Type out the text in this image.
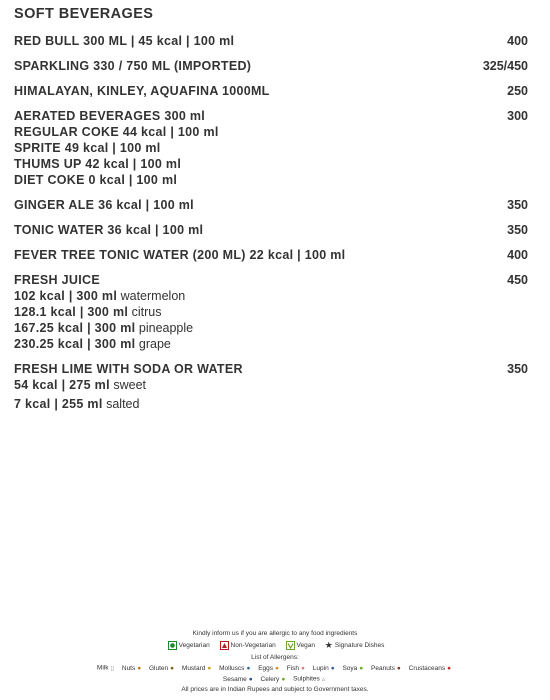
SOFT BEVERAGES
RED BULL 300 ML | 45 kcal | 100 ml	400
SPARKLING 330 / 750 ML (IMPORTED)	325/450
HIMALAYAN, KINLEY, AQUAFINA 1000ML	250
AERATED BEVERAGES 300 ml	300
REGULAR COKE 44 kcal | 100 ml
SPRITE 49 kcal | 100 ml
THUMS UP 42 kcal | 100 ml
DIET COKE 0 kcal | 100 ml
GINGER ALE 36 kcal | 100 ml	350
TONIC WATER 36 kcal | 100 ml	350
FEVER TREE TONIC WATER (200 ML) 22 kcal | 100 ml	400
FRESH JUICE	450
102 kcal | 300 ml watermelon
128.1 kcal | 300 ml citrus
167.25 kcal | 300 ml pineapple
230.25 kcal | 300 ml grape
FRESH LIME WITH SODA OR WATER	350
54 kcal | 275 ml sweet
7 kcal | 255 ml salted
Kindly inform us if you are allergic to any food ingredients
Vegetarian	Non-Vegetarian	Vegan ★ Signature Dishes
List of Allergens:
Milk ▯ Nuts ● Gluten ● Mustard ● Molluscs ● Eggs ● Fish ● Lupin ● Soya ● Peanuts ● Crustaceans ●
Sesame ● Celery ● Sulphites ▵
All prices are in Indian Rupees and subject to Government taxes.
